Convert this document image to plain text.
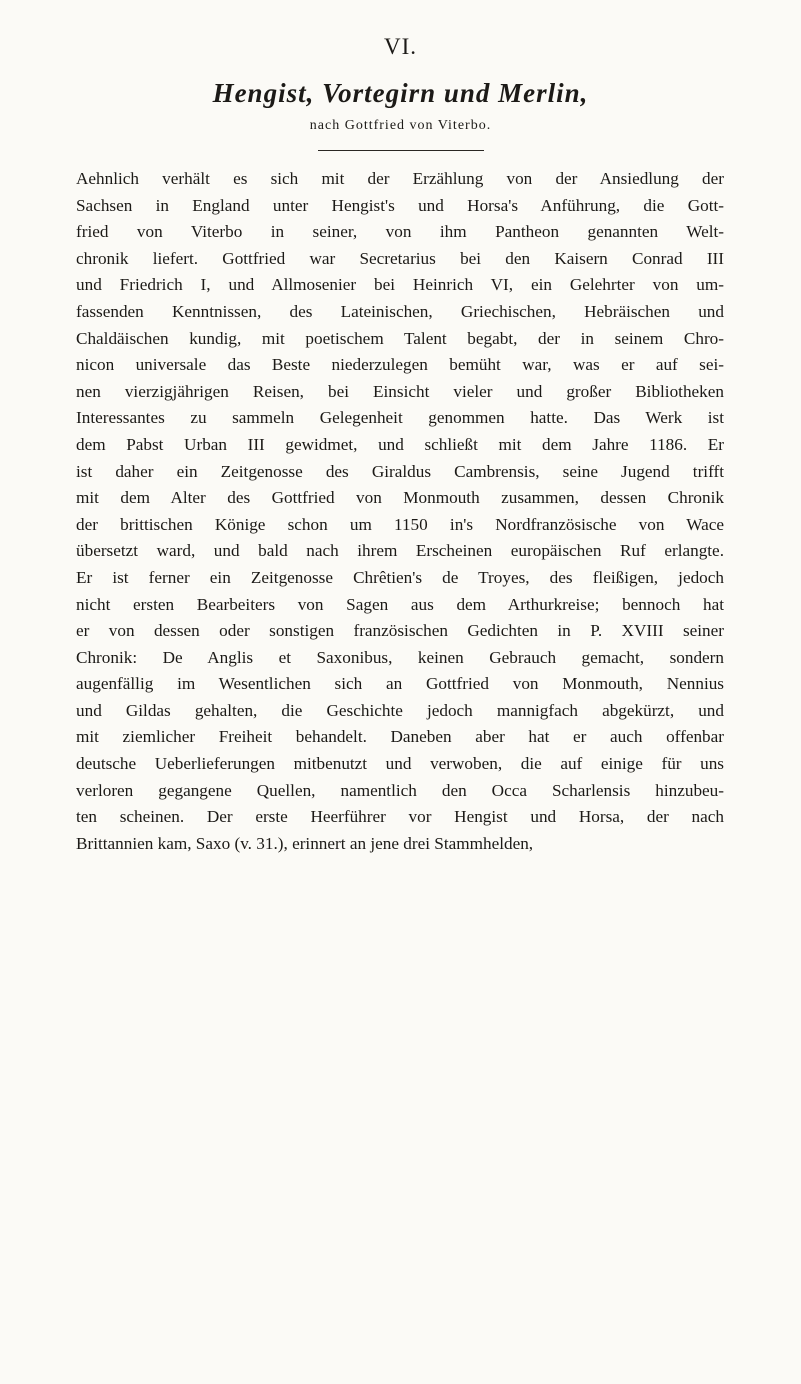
VI.
Hengist, Vortegirn und Merlin,
nach Gottfried von Viterbo.
Aehnlich verhält es sich mit der Erzählung von der Ansiedlung der
Sachsen in England unter Hengist's und Horsa's Anführung, die Gott-
fried von Viterbo in seiner, von ihm Pantheon genannten Welt-
chronik liefert. Gottfried war Secretarius bei den Kaisern Conrad III
und Friedrich I, und Allmosenier bei Heinrich VI, ein Gelehrter von um-
fassenden Kenntnissen, des Lateinischen, Griechischen, Hebräischen und
Chaldäischen kundig, mit poetischem Talent begabt, der in seinem Chro-
nicon universale das Beste niederzulegen bemüht war, was er auf sei-
nen vierzigjährigen Reisen, bei Einsicht vieler und großer Bibliotheken
Interessantes zu sammeln Gelegenheit genommen hatte. Das Werk ist
dem Pabst Urban III gewidmet, und schließt mit dem Jahre 1186. Er
ist daher ein Zeitgenosse des Giraldus Cambrensis, seine Jugend trifft
mit dem Alter des Gottfried von Monmouth zusammen, dessen Chronik
der brittischen Könige schon um 1150 in's Nordfranzösische von Wace
übersetzt ward, und bald nach ihrem Erscheinen europäischen Ruf erlangte.
Er ist ferner ein Zeitgenosse Chrêtien's de Troyes, des fleißigen, jedoch
nicht ersten Bearbeiters von Sagen aus dem Arthurkreise; bennoch hat
er von dessen oder sonstigen französischen Gedichten in P. XVIII seiner
Chronik: De Anglis et Saxonibus, keinen Gebrauch gemacht, sondern
augenfällig im Wesentlichen sich an Gottfried von Monmouth, Nennius
und Gildas gehalten, die Geschichte jedoch mannigfach abgekürzt, und
mit ziemlicher Freiheit behandelt. Daneben aber hat er auch offenbar
deutsche Ueberlieferungen mitbenutzt und verwoben, die auf einige für uns
verloren gegangene Quellen, namentlich den Occa Scharlensis hinzubeu-
ten scheinen. Der erste Heerführer vor Hengist und Horsa, der nach
Brittannien kam, Saxo (v. 31.), erinnert an jene drei Stammhelden,
